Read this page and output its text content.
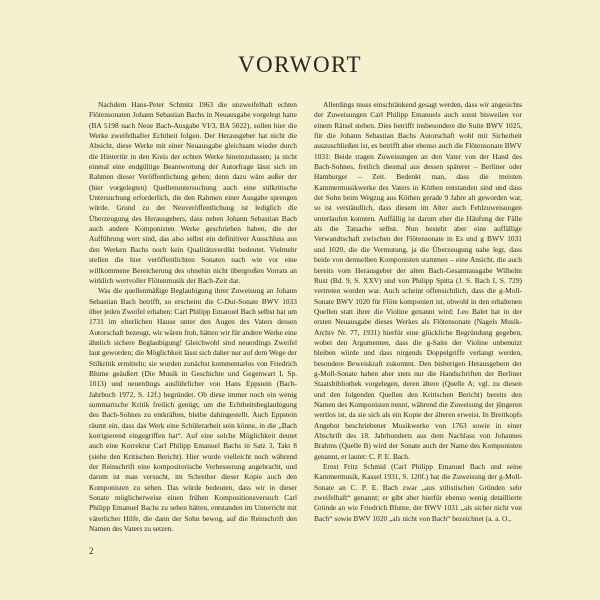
VORWORT

Nachdem Hans-Peter Schmitz 1963 die unzweifelhaft echten Flötensonaten Johann Sebastian Bachs in Neuausgabe vorgelegt hatte (BA 5198 nach Neue Bach-Ausgabe VI/3, BA 5022), sollen hier die Werke zweifelhafter Echtheit folgen. Der Herausgeber hat nicht die Absicht, diese Werke mit einer Neuausgabe gleichsam wieder durch die Hintertür in den Kreis der echten Werke hineinzulassen; ja nicht einmal eine endgültige Beantwortung der Autorfrage lässt sich im Rahmen dieser Veröffentlichung geben; denn dazu wäre außer der (hier vorgelegten) Quellenuntersuchung auch eine stilkritische Untersuchung erforderlich, die den Rahmen einer Ausgabe sprengen würde. Grund zu der Neuveröffentlichung ist lediglich die Überzeugung des Herausgebers, dass neben Johann Sebastian Bach auch andere Komponisten Werke geschrieben haben, die der Aufführung wert sind, das also selbst ein definitiver Ausschluss aus den Werken Bachs noch kein Qualitätsverdikt bedeutet. Vielmehr stellen die hier veröffentlichten Sonaten nach wie vor eine willkommene Bereicherung des ohnehin nicht übergroßen Vorrats an wirklich wertvoller Flötenmusik der Bach-Zeit dar.

Was die quellenmäßige Beglaubigung ihrer Zuweisung an Johann Sebastian Bach betrifft, so erscheint die C-Dur-Sonate BWV 1033 über jeden Zweifel erhaben: Carl Philipp Emanuel Bach selbst hat um 1731 im elterlichen Hause unter den Augen des Vaters dessen Autorschaft bezeugt, wir wären froh, hätten wir für andere Werke eine ähnlich sichere Beglaubigung! Gleichwohl sind neuerdings Zweifel laut geworden; die Möglichkeit lässt sich daher nur auf dem Wege der Stilkritik ermitteln; sie wurden zunächst kommentarlos von Friedrich Blume geäußert (Die Musik in Geschichte und Gegenwart I, Sp. 1013) und neuerdings ausführlicher von Hans Eppstein (Bach-Jahrbuch 1972, S. 12f.) begründet. Ob diese immer noch ein wenig summarische Kritik freilich genügt, um die Echtheitsbeglaubigung des Bach-Sohnes zu entkräften, bleibe dahingestellt. Auch Eppstein räumt ein, dass das Werk eine Schülerarbeit sein könne, in die „Bach korrigierend eingegriffen hat“. Auf eine solche Möglichkeit deutet auch eine Korrektur Carl Philipp Emanuel Bachs in Satz 3, Takt 8 (siehe den Kritischen Bericht). Hier wurde vielleicht noch während der Reinschrift eine kompositorische Verbesserung angebracht, und darum ist man versucht, im Schreiber dieser Kopie auch den Komponisten zu sehen. Das würde bedeuten, dass wir in dieser Sonate möglicherweise einen frühen Kompositionsversuch Carl Philipp Emanuel Bachs zu sehen hätten, entstanden im Unterricht mit väterlicher Hilfe, die dann der Sohn bewog, auf die Reinschrift den Namen des Vaters zu setzen.

Allerdings muss einschränkend gesagt werden, dass wir angesichts der Zuweisungen Carl Philipp Emanuels auch sonst bisweilen vor einem Rätsel stehen. Dies betrifft insbesondere die Suite BWV 1025, für die Johann Sebastian Bachs Autorschaft wohl mit Sicherheit auszuschließen ist, es betrifft aber ebenso auch die Flötensonate BWV 1031: Beide tragen Zuweisungen an den Vater von der Hand des Bach-Sohnes, freilich diesmal aus dessen späterer – Berliner oder Hamburger – Zeit. Bedenkt man, dass die meisten Kammermusikwerke des Vaters in Köthen entstanden sind und dass der Sohn beim Wegzug aus Köthen gerade 9 Jahre alt geworden war, so ist verständlich, dass diesem im Alter auch Fehlzuweisungen unterlaufen konnten. Auffällig ist darum eher die Häufung der Fälle als die Tatsache selbst. Nun besteht aber eine auffällige Verwandtschaft zwischen der Flötensonate in Es und g BWV 1031 und 1020, die die Vermutung, ja die Überzeugung nahe legt, dass beide von demselben Komponisten stammen – eine Ansicht, die auch bereits vom Herausgeber der alten Bach-Gesamtausgabe Wilhelm Rust (Bd. 9, S. XXV) und von Philipp Spitta (J. S. Bach I, S. 729) vertreten worden war. Auch scheint offensichtlich, dass die g-Moll-Sonate BWV 1020 für Flöte komponiert ist, obwohl in den erhaltenen Quellen statt ihrer die Violine genannt wird: Leo Balet hat in der ersten Neuausgabe dieses Werkes als Flötensonate (Nagels Musik-Archiv Nr. 77, 1931) hierfür eine glückliche Begründung gegeben, wobei den Argumenten, dass die g-Saite der Violine unbenutzt bleiben würde und dass nirgends Doppelgriffe verlangt werden, besondere Beweiskraft zukommt. Den bisherigen Herausgebern der g-Moll-Sonate haben aber stets nur die Handschriften der Berliner Staatsbibliothek vorgelegen, deren ältere (Quelle A; vgl. zu diesen und den folgenden Quellen den Kritischen Bericht) bereits den Namen des Komponisten nennt, während die Zuweisung der jüngeren wertlos ist, da sie sich als ein Kopie der älteren erweist. In Breitkopfs Angebot beschriebener Musikwerke von 1763 sowie in einer Abschrift des 18. Jahrhunderts aus dem Nachlass von Johannes Brahms (Quelle B) wird der Sonate auch der Name des Komponisten genannt, er lautet: C. P. E. Bach.

Ernst Fritz Schmid (Carl Philipp Emanuel Bach und seine Kammermusik, Kassel 1931, S. 120f.) hat die Zuweisung der g-Moll-Sonate an C. P. E. Bach zwar „aus stilistischen Gründen sehr zweifelhaft“ genannt; er gibt aber hierfür ebenso wenig detaillierte Gründe an wie Friedrich Blume, der BWV 1031 „als sicher nicht von Bach“ sowie BWV 1020 „als nicht von Bach“ bezeichnet (a. a. O.,

2
